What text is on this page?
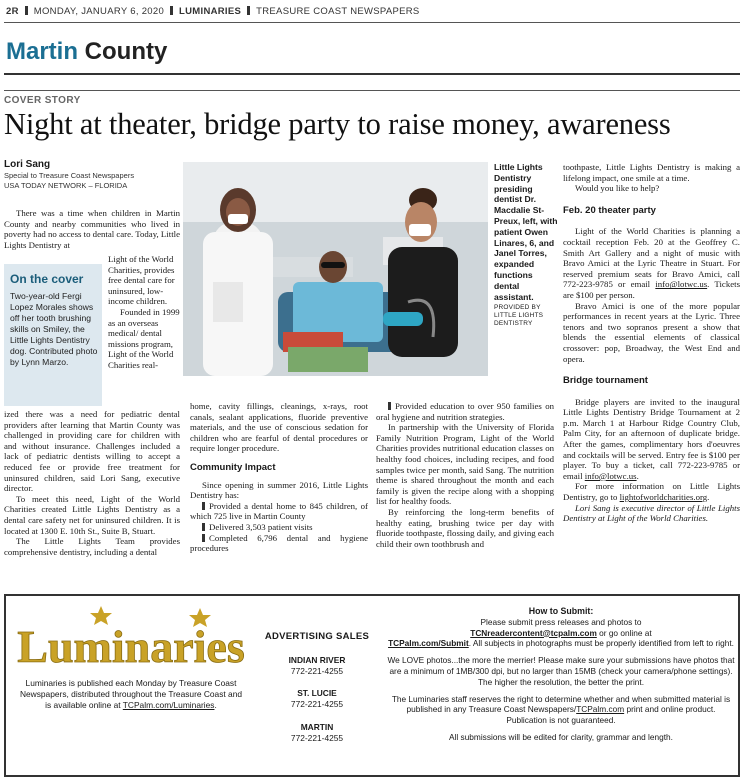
2R MONDAY, JANUARY 6, 2020 LUMINARIES TREASURE COAST NEWSPAPERS
Martin County
COVER STORY
Night at theater, bridge party to raise money, awareness
Lori Sang
Special to Treasure Coast Newspapers
USA TODAY NETWORK – FLORIDA

There was a time when children in Martin County and nearby communities who lived in poverty had no access to dental care. Today, Little Lights Dentistry at

On the cover
Two-year-old Fergi Lopez Morales shows off her tooth brushing skills on Smiley, the Little Lights Dentistry dog. Contributed photo by Lynn Marzo.

Light of the World Charities, provides free dental care for uninsured, low-income children.

Founded in 1999 as an overseas medical/ dental missions program, Light of the World Charities real-

ized there was a need for pediatric dental providers after learning that Martin County was challenged in providing care for children with and without insurance. Challenges included a lack of pediatric dentists willing to accept a reduced fee or provide free treatment for uninsured children, said Lori Sang, executive director.

To meet this need, Light of the World Charities created Little Lights Dentistry as a dental care safety net for uninsured children. It is located at 1300 E. 10th St., Suite B, Stuart.

The Little Lights Team provides comprehensive dentistry, including a dental

Little Lights Dentistry presiding dentist Dr. Macdalie St-Preux, left, with patient Owen Linares, 6, and Janel Torres, expanded functions dental assistant.
PROVIDED BY LITTLE LIGHTS DENTISTRY

home, cavity fillings, cleanings, x-rays, root canals, sealant applications, fluoride preventive materials, and the use of conscious sedation for children who are fearful of dental procedures or require longer procedure.

Community Impact

Since opening in summer 2016, Little Lights Dentistry has:

Provided a dental home to 845 children, of which 725 live in Martin County

Delivered 3,503 patient visits

Completed 6,796 dental and hygiene procedures

Provided education to over 950 families on oral hygiene and nutrition strategies.

In partnership with the University of Florida Family Nutrition Program, Light of the World Charities provides nutritional education classes on healthy food choices, including recipes, and food samples twice per month, said Sang. The nutrition theme is shared throughout the month and each family is given the recipe along with a shopping list for healthy foods.

By reinforcing the long-term benefits of healthy eating, brushing twice per day with fluoride toothpaste, flossing daily, and giving each child their own toothbrush and

toothpaste, Little Lights Dentistry is making a lifelong impact, one smile at a time.

Would you like to help?

Feb. 20 theater party

Light of the World Charities is planning a cocktail reception Feb. 20 at the Geoffrey C. Smith Art Gallery and a night of music with Bravo Amici at the Lyric Theatre in Stuart. For reserved premium seats for Bravo Amici, call 772-223-9785 or email info@lotwc.us. Tickets are $100 per person.

Bravo Amici is one of the more popular performances in recent years at the Lyric. Three tenors and two sopranos present a show that blends the essential elements of classical crossover: pop, Broadway, the West End and opera.

Bridge tournament

Bridge players are invited to the inaugural Little Lights Dentistry Bridge Tournament at 2 p.m. March 1 at Harbour Ridge Country Club, Palm City, for an afternoon of duplicate bridge. After the games, complimentary hors d'oeuvres and cocktails will be served. Entry fee is $100 per player. To buy a ticket, call 772-223-9785 or email info@lotwc.us.

For more information on Little Lights Dentistry, go to lightofworldcharities.org.

Lori Sang is executive director of Little Lights Dentistry at Light of the World Charities.

Luminaries
Luminaries is published each Monday by Treasure Coast Newspapers, distributed throughout the Treasure Coast and is available online at TCPalm.com/Luminaries.
ADVERTISING SALES
INDIAN RIVER
772-221-4255
ST. LUCIE
772-221-4255
MARTIN
772-221-4255

How to Submit:

Please submit press releases and photos to
TCNreadercontent@tcpalm.com or go online at
TCPalm.com/Submit. All subjects in photographs must be properly identified from left to right.

We LOVE photos...the more the merrier! Please make sure your submissions have photos that are a minimum of 1MB/300 dpi, but no larger than 15MB (check your camera/phone settings). The higher the resolution, the better the print.

The Luminaries staff reserves the right to determine whether and when submitted material is published in any Treasure Coast Newspapers/TCPalm.com print and online product. Publication is not guaranteed.

All submissions will be edited for clarity, grammar and length.
